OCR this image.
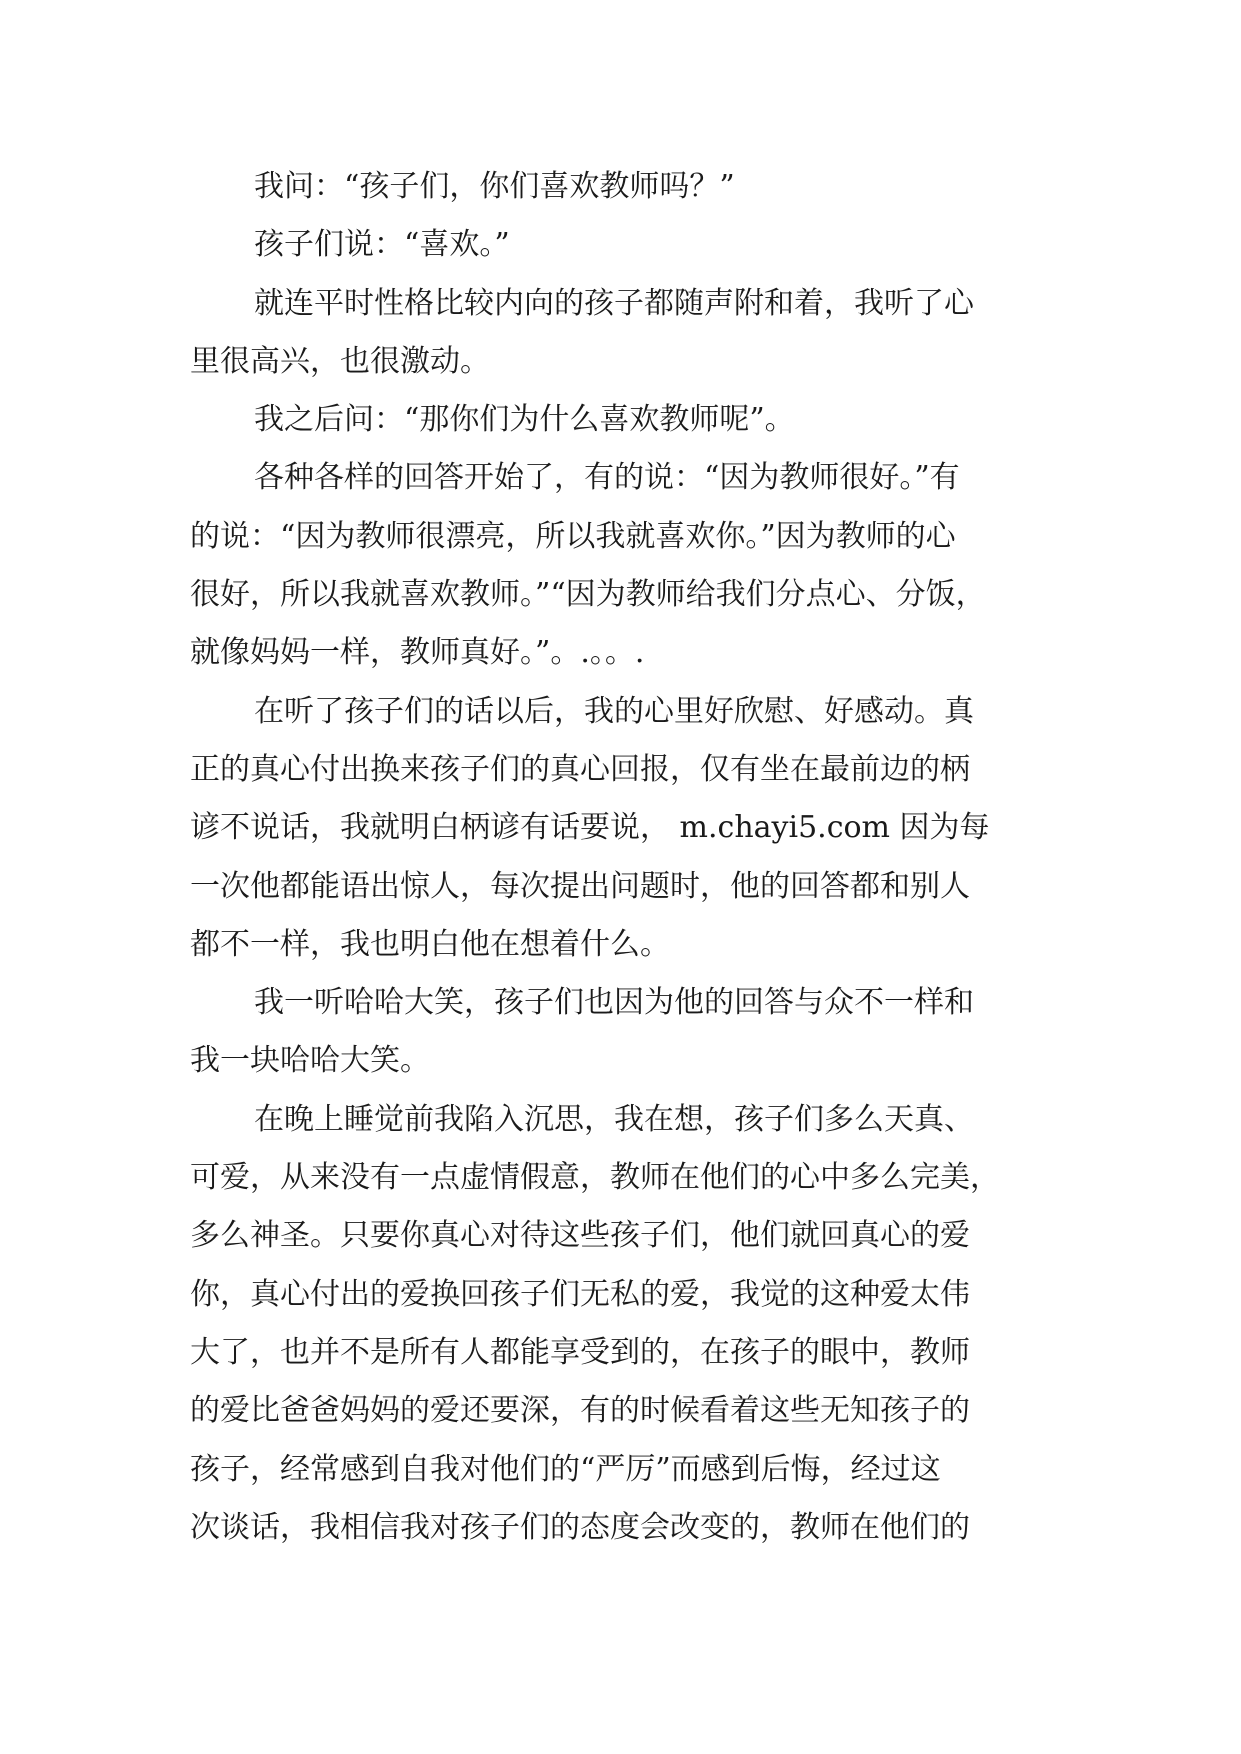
我问：“孩子们，你们喜欢教师吗？”
孩子们说：“喜欢。”
就连平时性格比较内向的孩子都随声附和着，我听了心
里很高兴，也很激动。
我之后问：“那你们为什么喜欢教师呢”。
各种各样的回答开始了，有的说：“因为教师很好。”有
的说：“因为教师很漂亮，所以我就喜欢你。”因为教师的心
很好，所以我就喜欢教师。”“因为教师给我们分点心、分饭，
就像妈妈一样，教师真好。”。.。。.
在听了孩子们的话以后，我的心里好欣慰、好感动。真
正的真心付出换来孩子们的真心回报，仅有坐在最前边的柄
谚不说话，我就明白柄谚有话要说， m.chayi5.com 因为每
一次他都能语出惊人，每次提出问题时，他的回答都和别人
都不一样，我也明白他在想着什么。
我一听哈哈大笑，孩子们也因为他的回答与众不一样和
我一块哈哈大笑。
在晚上睡觉前我陷入沉思，我在想，孩子们多么天真、
可爱，从来没有一点虚情假意，教师在他们的心中多么完美，
多么神圣。只要你真心对待这些孩子们，他们就回真心的爱
你，真心付出的爱换回孩子们无私的爱，我觉的这种爱太伟
大了，也并不是所有人都能享受到的，在孩子的眼中，教师
的爱比爸爸妈妈的爱还要深，有的时候看着这些无知孩子的
孩子，经常感到自我对他们的“严厉”而感到后悔，经过这
次谈话，我相信我对孩子们的态度会改变的，教师在他们的
